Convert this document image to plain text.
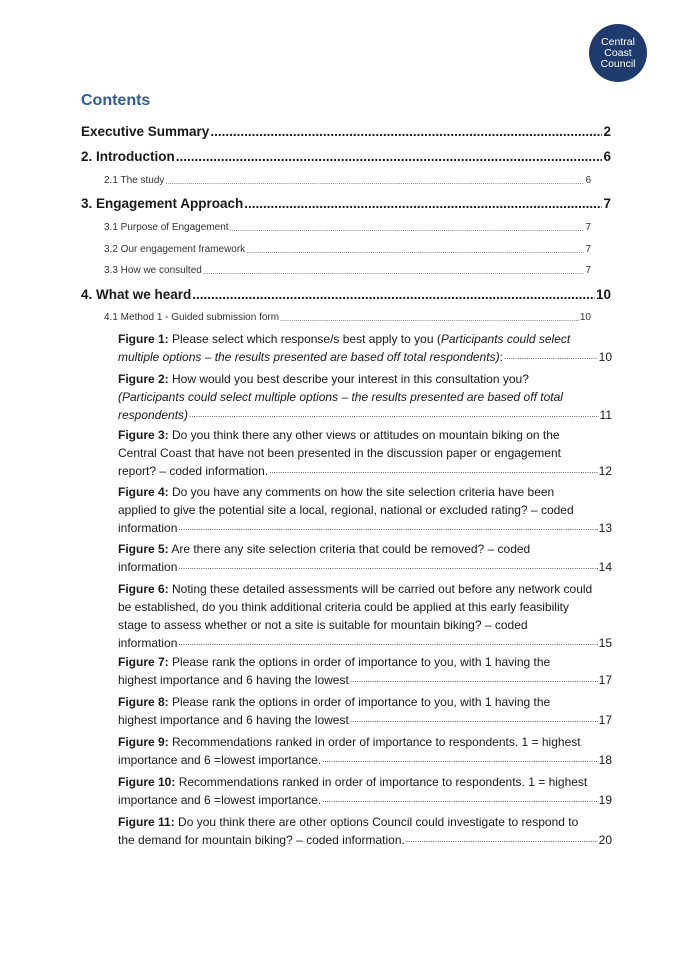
Central
Coast
Council
Contents
Executive Summary .....	2
2. Introduction .....	6
2.1 The study .....	6
3. Engagement Approach .....	7
3.1 Purpose of Engagement .....	7
3.2 Our engagement framework .....	7
3.3 How we consulted .....	7
4. What we heard .....	10
4.1 Method 1 - Guided submission form .....	10
Figure 1: Please select which response/s best apply to you (Participants could select
multiple options – the results presented are based off total respondents) : .....	10
Figure 2: How would you best describe your interest in this consultation you?
(Participants could select multiple options – the results presented are based off total
respondents) .....	11
Figure 3: Do you think there any other views or attitudes on mountain biking on the
Central Coast that have not been presented in the discussion paper or engagement
report? – coded information. .....	12
Figure 4: Do you have any comments on how the site selection criteria have been
applied to give the potential site a local, regional, national or excluded rating? – coded
information .....	13
Figure 5: Are there any site selection criteria that could be removed? – coded
information .....	14
Figure 6: Noting these detailed assessments will be carried out before any network could
be established, do you think additional criteria could be applied at this early feasibility
stage to assess whether or not a site is suitable for mountain biking? – coded
information .....	15
Figure 7: Please rank the options in order of importance to you, with 1 having the
highest importance and 6 having the lowest .....	17
Figure 8: Please rank the options in order of importance to you, with 1 having the
highest importance and 6 having the lowest .....	17
Figure 9: Recommendations ranked in order of importance to respondents. 1 = highest
importance and 6 =lowest importance. .....	18
Figure 10: Recommendations ranked in order of importance to respondents. 1 = highest
importance and 6 =lowest importance. .....	19
Figure 11: Do you think there are other options Council could investigate to respond to
the demand for mountain biking? – coded information. .....	20
